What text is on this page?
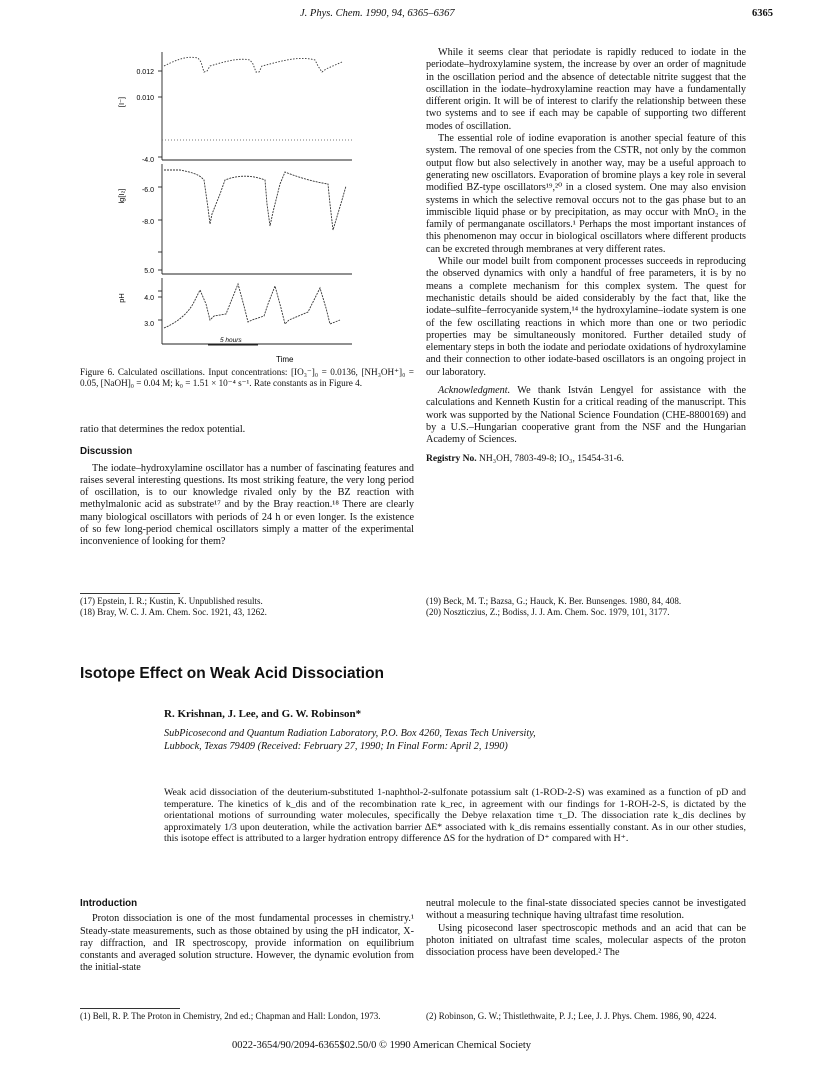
J. Phys. Chem. 1990, 94, 6365–6367	6365
0.012
0.010
-4.0
-6.0
-8.0
5.0
4.0
3.0
[I⁻]
lg[I₂]
pH
5 hours
Time
Figure 6. Calculated oscillations. Input concentrations: [IO₃⁻]₀ = 0.0136, [NH₃OH⁺]₀ = 0.05, [NaOH]₀ = 0.04 M; k₀ = 1.51 × 10⁻⁴ s⁻¹. Rate constants as in Figure 4.
ratio that determines the redox potential.
Discussion

The iodate–hydroxylamine oscillator has a number of fascinating features and raises several interesting questions. Its most striking feature, the very long period of oscillation, is to our knowledge rivaled only by the BZ reaction with methylmalonic acid as substrate¹⁷ and by the Bray reaction.¹⁸ There are clearly many biological oscillators with periods of 24 h or even longer. Is the existence of so few long-period chemical oscillators simply a matter of the experimental inconvenience of looking for them?

While it seems clear that periodate is rapidly reduced to iodate in the periodate–hydroxylamine system, the increase by over an order of magnitude in the oscillation period and the absence of detectable nitrite suggest that the oscillation in the iodate–hydroxylamine reaction may have a fundamentally different origin. It will be of interest to clarify the relationship between these two systems and to see if each may be capable of supporting two different modes of oscillation.

The essential role of iodine evaporation is another special feature of this system. The removal of one species from the CSTR, not only by the common output flow but also selectively in another way, may be a useful approach to generating new oscillators. Evaporation of bromine plays a key role in several modified BZ-type oscillators¹⁹,²⁰ in a closed system. One may also envision systems in which the selective removal occurs not to the gas phase but to an immiscible liquid phase or by precipitation, as may occur with MnO₂ in the family of permanganate oscillators.¹ Perhaps the most important instances of this phenomenon may occur in biological oscillators where different products can be excreted through membranes at very different rates.

While our model built from component processes succeeds in reproducing the observed dynamics with only a handful of free parameters, it is by no means a complete mechanism for this complex system. The quest for mechanistic details should be aided considerably by the fact that, like the iodate–sulfite–ferrocyanide system,¹⁴ the hydroxylamine–iodate system is one of the few oscillating reactions in which more than one or two periodic properties may be simultaneously monitored. Further detailed study of elementary steps in both the iodate and periodate oxidations of hydroxylamine and their connection to other iodate-based oscillators is an ongoing project in our laboratory.

Acknowledgment. We thank István Lengyel for assistance with the calculations and Kenneth Kustin for a critical reading of the manuscript. This work was supported by the National Science Foundation (CHE-8800169) and by a U.S.–Hungarian cooperative grant from the NSF and the Hungarian Academy of Sciences.

Registry No. NH₃OH, 7803-49-8; IO₃, 15454-31-6.
(17) Epstein, I. R.; Kustin, K. Unpublished results.
(18) Bray, W. C. J. Am. Chem. Soc. 1921, 43, 1262.
(19) Beck, M. T.; Bazsa, G.; Hauck, K. Ber. Bunsenges. 1980, 84, 408.
(20) Noszticzius, Z.; Bodiss, J. J. Am. Chem. Soc. 1979, 101, 3177.
Isotope Effect on Weak Acid Dissociation
R. Krishnan, J. Lee, and G. W. Robinson*
SubPicosecond and Quantum Radiation Laboratory, P.O. Box 4260, Texas Tech University,
Lubbock, Texas 79409 (Received: February 27, 1990; In Final Form: April 2, 1990)
Weak acid dissociation of the deuterium-substituted 1-naphthol-2-sulfonate potassium salt (1-ROD-2-S) was examined as a function of pD and temperature. The kinetics of k_dis and of the recombination rate k_rec, in agreement with our findings for 1-ROH-2-S, is dictated by the orientational motions of surrounding water molecules, specifically the Debye relaxation time τ_D. The dissociation rate k_dis declines by approximately 1/3 upon deuteration, while the activation barrier ΔE* associated with k_dis remains essentially constant. As in our other studies, this isotope effect is attributed to a larger hydration entropy difference ΔS for the hydration of D⁺ compared with H⁺.
Introduction

Proton dissociation is one of the most fundamental processes in chemistry.¹ Steady-state measurements, such as those obtained by using the pH indicator, X-ray diffraction, and IR spectroscopy, provide information on equilibrium constants and averaged solution structure. However, the dynamic evolution from the initial-state

neutral molecule to the final-state dissociated species cannot be investigated without a measuring technique having ultrafast time resolution.

Using picosecond laser spectroscopic methods and an acid that can be photon initiated on ultrafast time scales, molecular aspects of the proton dissociation process have been developed.² The

(1) Bell, R. P. The Proton in Chemistry, 2nd ed.; Chapman and Hall: London, 1973.	(2) Robinson, G. W.; Thistlethwaite, P. J.; Lee, J. J. Phys. Chem. 1986, 90, 4224.
0022-3654/90/2094-6365$02.50/0 © 1990 American Chemical Society
